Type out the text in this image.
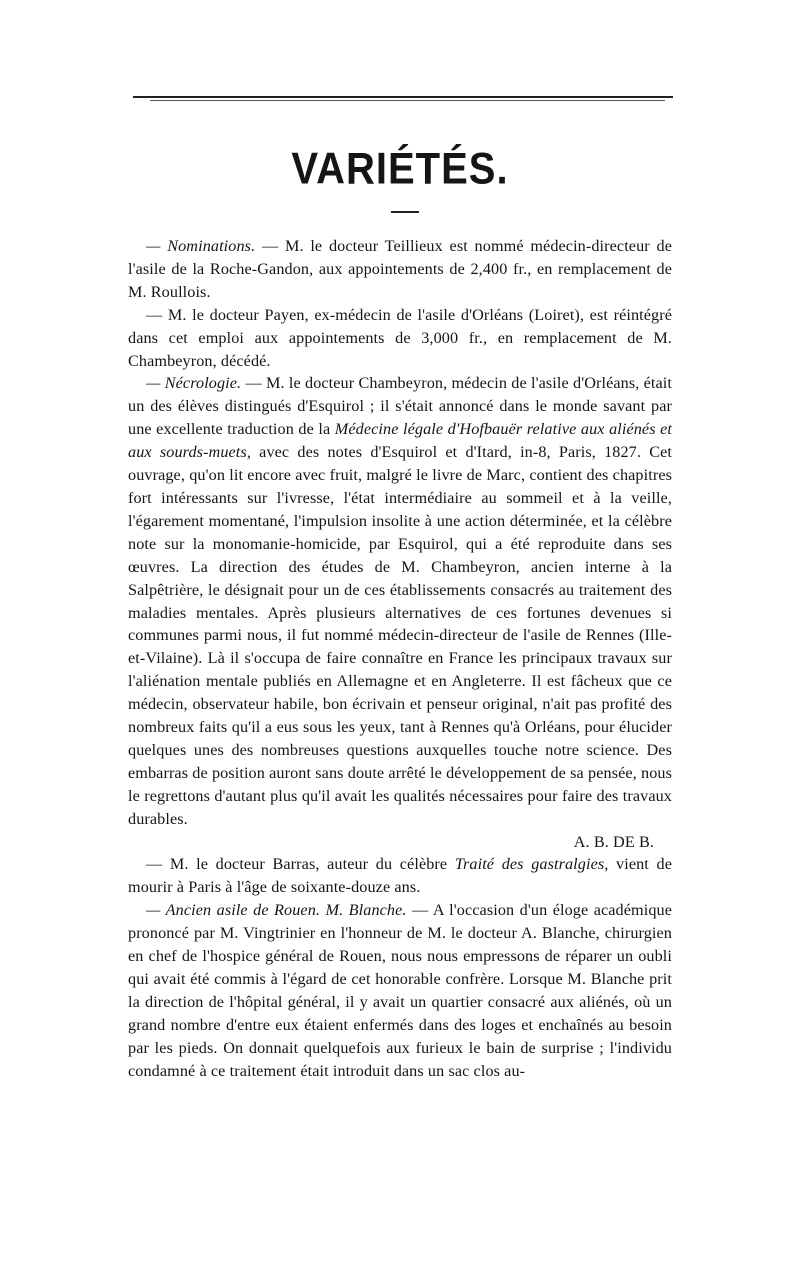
VARIÉTÉS.

— Nominations. — M. le docteur Teillieux est nommé médecin-directeur de l'asile de la Roche-Gandon, aux appointements de 2,400 fr., en remplacement de M. Roullois.

— M. le docteur Payen, ex-médecin de l'asile d'Orléans (Loiret), est réintégré dans cet emploi aux appointements de 3,000 fr., en remplacement de M. Chambeyron, décédé.

— Nécrologie. — M. le docteur Chambeyron, médecin de l'asile d'Orléans, était un des élèves distingués d'Esquirol ; il s'était annoncé dans le monde savant par une excellente traduction de la Médecine légale d'Hofbauër relative aux aliénés et aux sourds-muets, avec des notes d'Esquirol et d'Itard, in-8, Paris, 1827. Cet ouvrage, qu'on lit encore avec fruit, malgré le livre de Marc, contient des chapitres fort intéressants sur l'ivresse, l'état intermédiaire au sommeil et à la veille, l'égarement momentané, l'impulsion insolite à une action déterminée, et la célèbre note sur la monomanie-homicide, par Esquirol, qui a été reproduite dans ses œuvres. La direction des études de M. Chambeyron, ancien interne à la Salpêtrière, le désignait pour un de ces établissements consacrés au traitement des maladies mentales. Après plusieurs alternatives de ces fortunes devenues si communes parmi nous, il fut nommé médecin-directeur de l'asile de Rennes (Ille-et-Vilaine). Là il s'occupa de faire connaître en France les principaux travaux sur l'aliénation mentale publiés en Allemagne et en Angleterre. Il est fâcheux que ce médecin, observateur habile, bon écrivain et penseur original, n'ait pas profité des nombreux faits qu'il a eus sous les yeux, tant à Rennes qu'à Orléans, pour élucider quelques unes des nombreuses questions auxquelles touche notre science. Des embarras de position auront sans doute arrêté le développement de sa pensée, nous le regrettons d'autant plus qu'il avait les qualités nécessaires pour faire des travaux durables.

A. B. DE B.

— M. le docteur Barras, auteur du célèbre Traité des gastralgies, vient de mourir à Paris à l'âge de soixante-douze ans.

— Ancien asile de Rouen. M. Blanche. — A l'occasion d'un éloge académique prononcé par M. Vingtrinier en l'honneur de M. le docteur A. Blanche, chirurgien en chef de l'hospice général de Rouen, nous nous empressons de réparer un oubli qui avait été commis à l'égard de cet honorable confrère. Lorsque M. Blanche prit la direction de l'hôpital général, il y avait un quartier consacré aux aliénés, où un grand nombre d'entre eux étaient enfermés dans des loges et enchaînés au besoin par les pieds. On donnait quelquefois aux furieux le bain de surprise ; l'individu condamné à ce traitement était introduit dans un sac clos au-
